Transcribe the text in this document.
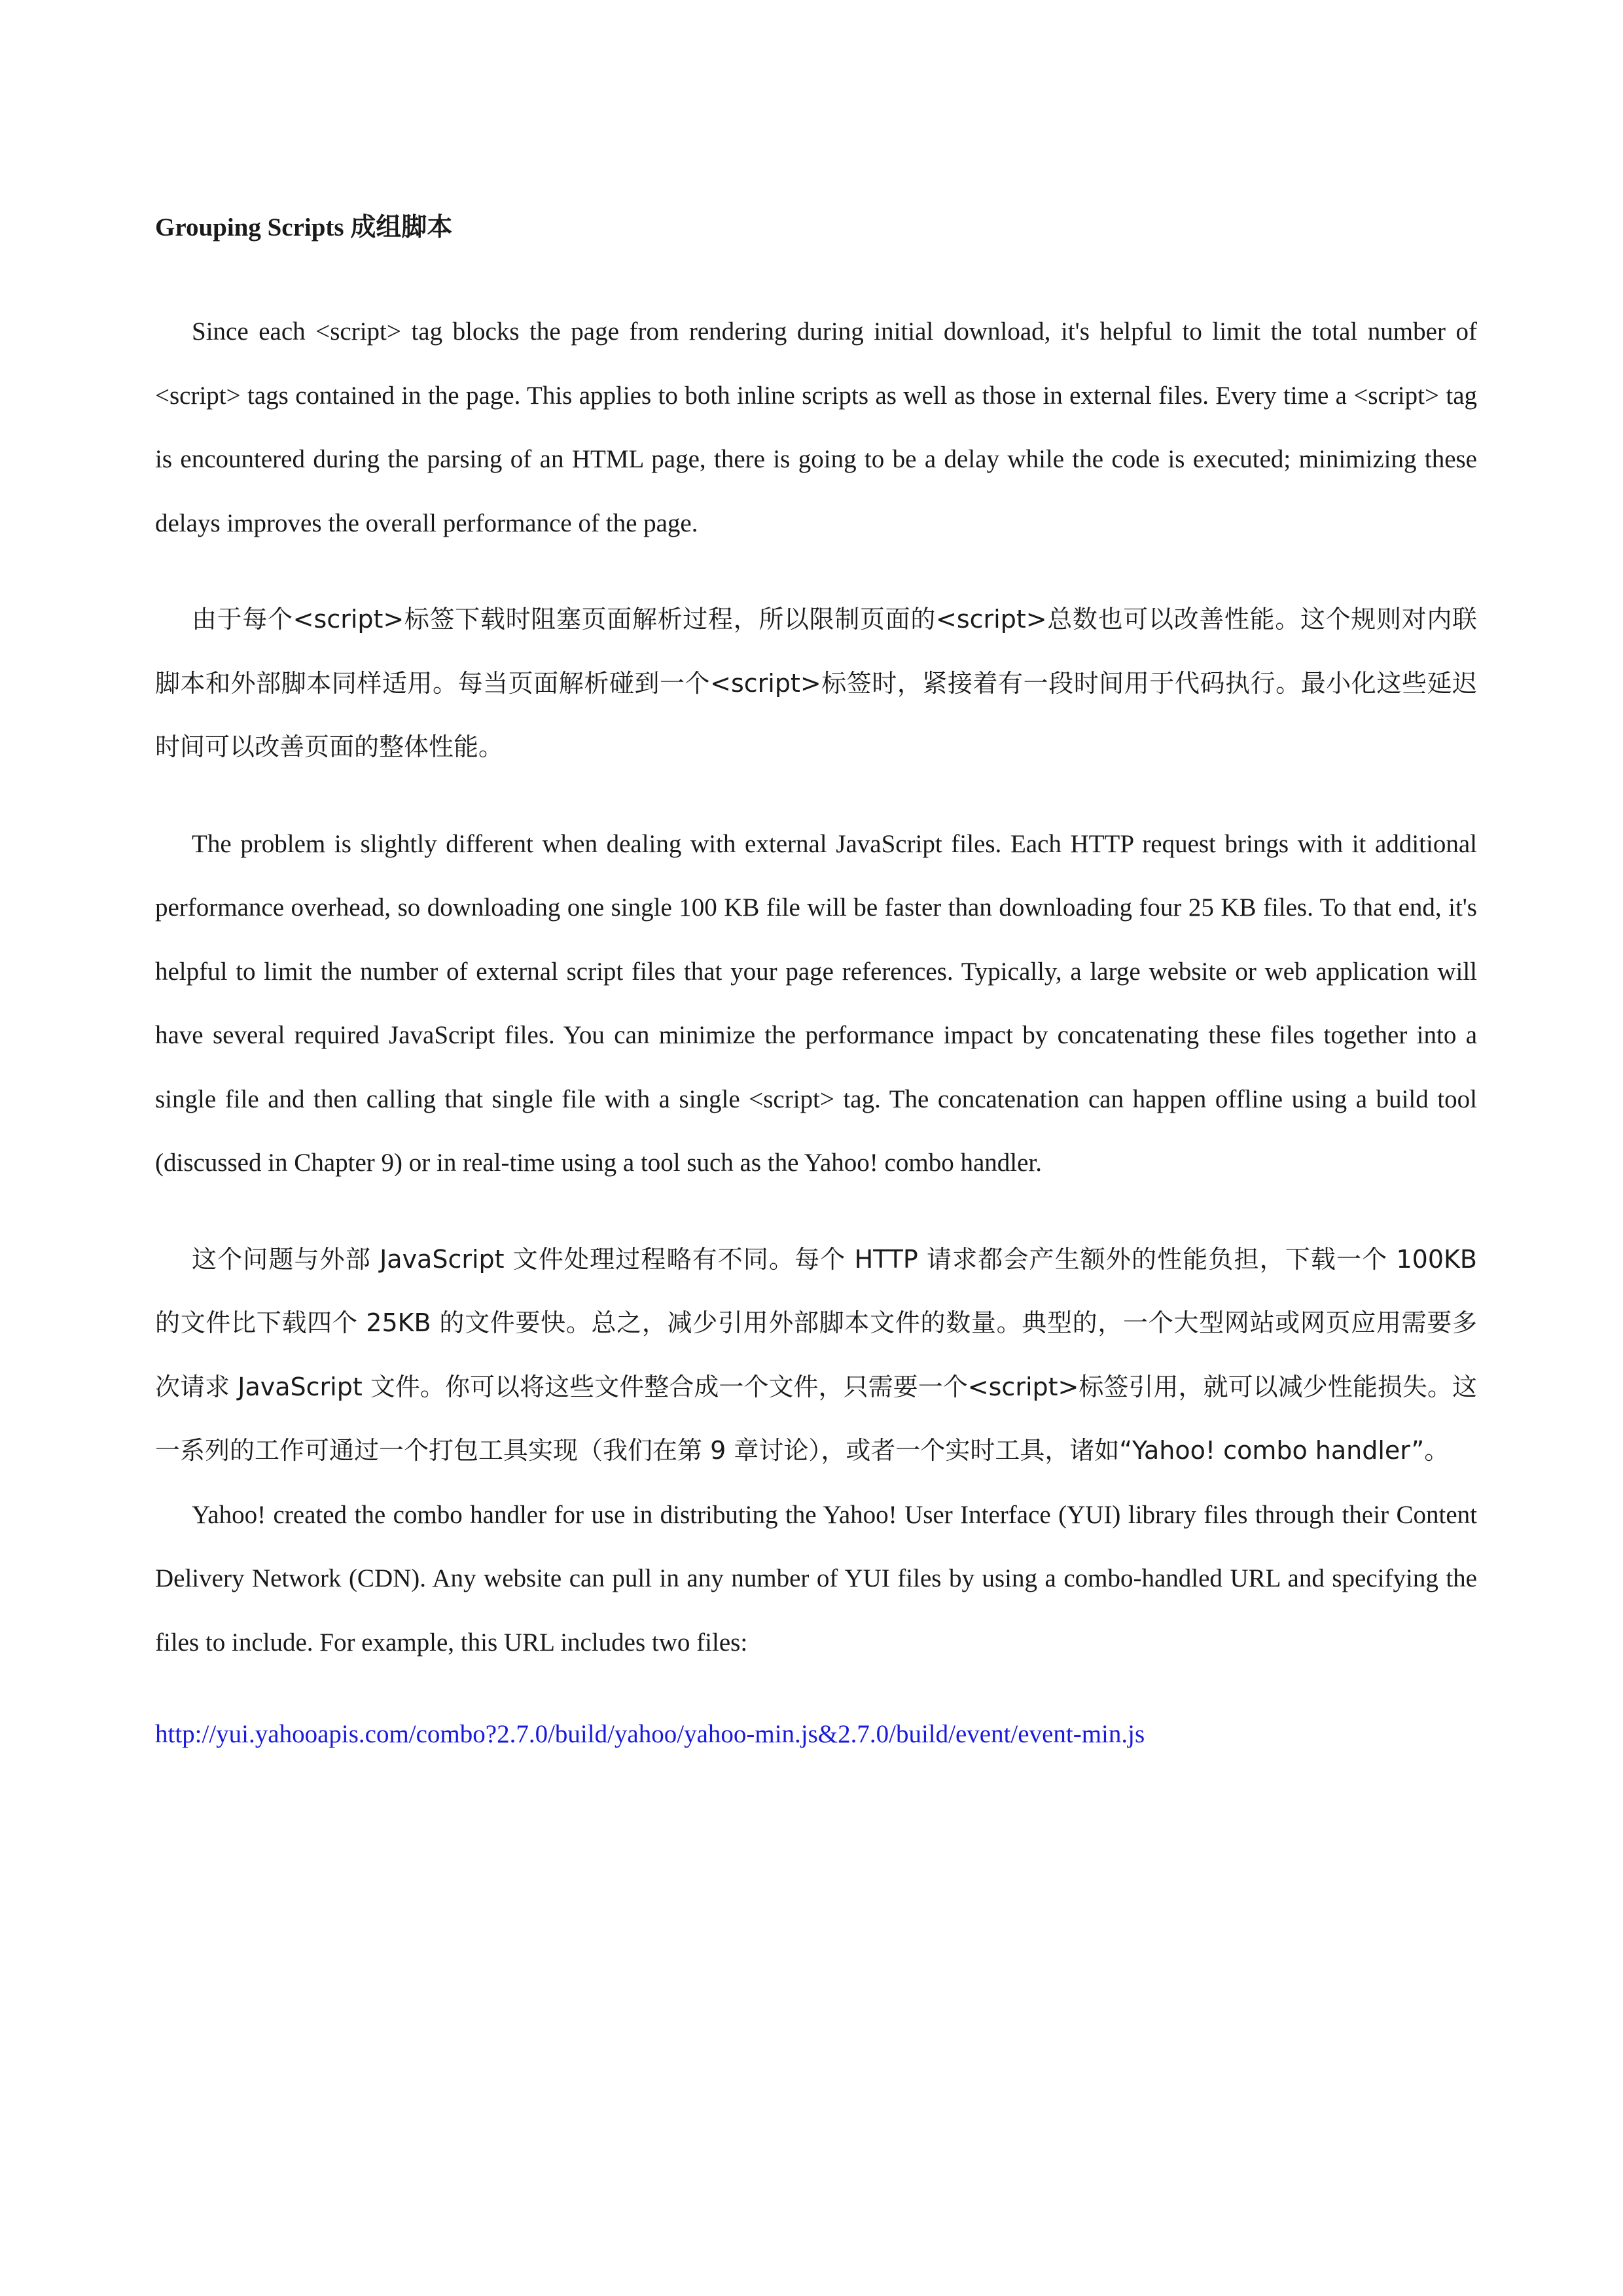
Grouping Scripts 成组脚本

Since each <script> tag blocks the page from rendering during initial download, it's helpful to limit the total number of <script> tags contained in the page. This applies to both inline scripts as well as those in external files. Every time a <script> tag is encountered during the parsing of an HTML page, there is going to be a delay while the code is executed; minimizing these delays improves the overall performance of the page.

由于每个<script>标签下载时阻塞页面解析过程，所以限制页面的<script>总数也可以改善性能。这个规则对内联脚本和外部脚本同样适用。每当页面解析碰到一个<script>标签时，紧接着有一段时间用于代码执行。最小化这些延迟时间可以改善页面的整体性能。

The problem is slightly different when dealing with external JavaScript files. Each HTTP request brings with it additional performance overhead, so downloading one single 100 KB file will be faster than downloading four 25 KB files. To that end, it's helpful to limit the number of external script files that your page references. Typically, a large website or web application will have several required JavaScript files. You can minimize the performance impact by concatenating these files together into a single file and then calling that single file with a single <script> tag. The concatenation can happen offline using a build tool (discussed in Chapter 9) or in real-time using a tool such as the Yahoo! combo handler.

这个问题与外部 JavaScript 文件处理过程略有不同。每个 HTTP 请求都会产生额外的性能负担，下载一个 100KB 的文件比下载四个 25KB 的文件要快。总之，减少引用外部脚本文件的数量。典型的，一个大型网站或网页应用需要多次请求 JavaScript 文件。你可以将这些文件整合成一个文件，只需要一个<script>标签引用，就可以减少性能损失。这一系列的工作可通过一个打包工具实现（我们在第 9 章讨论），或者一个实时工具，诸如“Yahoo! combo handler”。

Yahoo! created the combo handler for use in distributing the Yahoo! User Interface (YUI) library files through their Content Delivery Network (CDN). Any website can pull in any number of YUI files by using a combo-handled URL and specifying the files to include. For example, this URL includes two files:

http://yui.yahooapis.com/combo?2.7.0/build/yahoo/yahoo-min.js&2.7.0/build/event/event-min.js
